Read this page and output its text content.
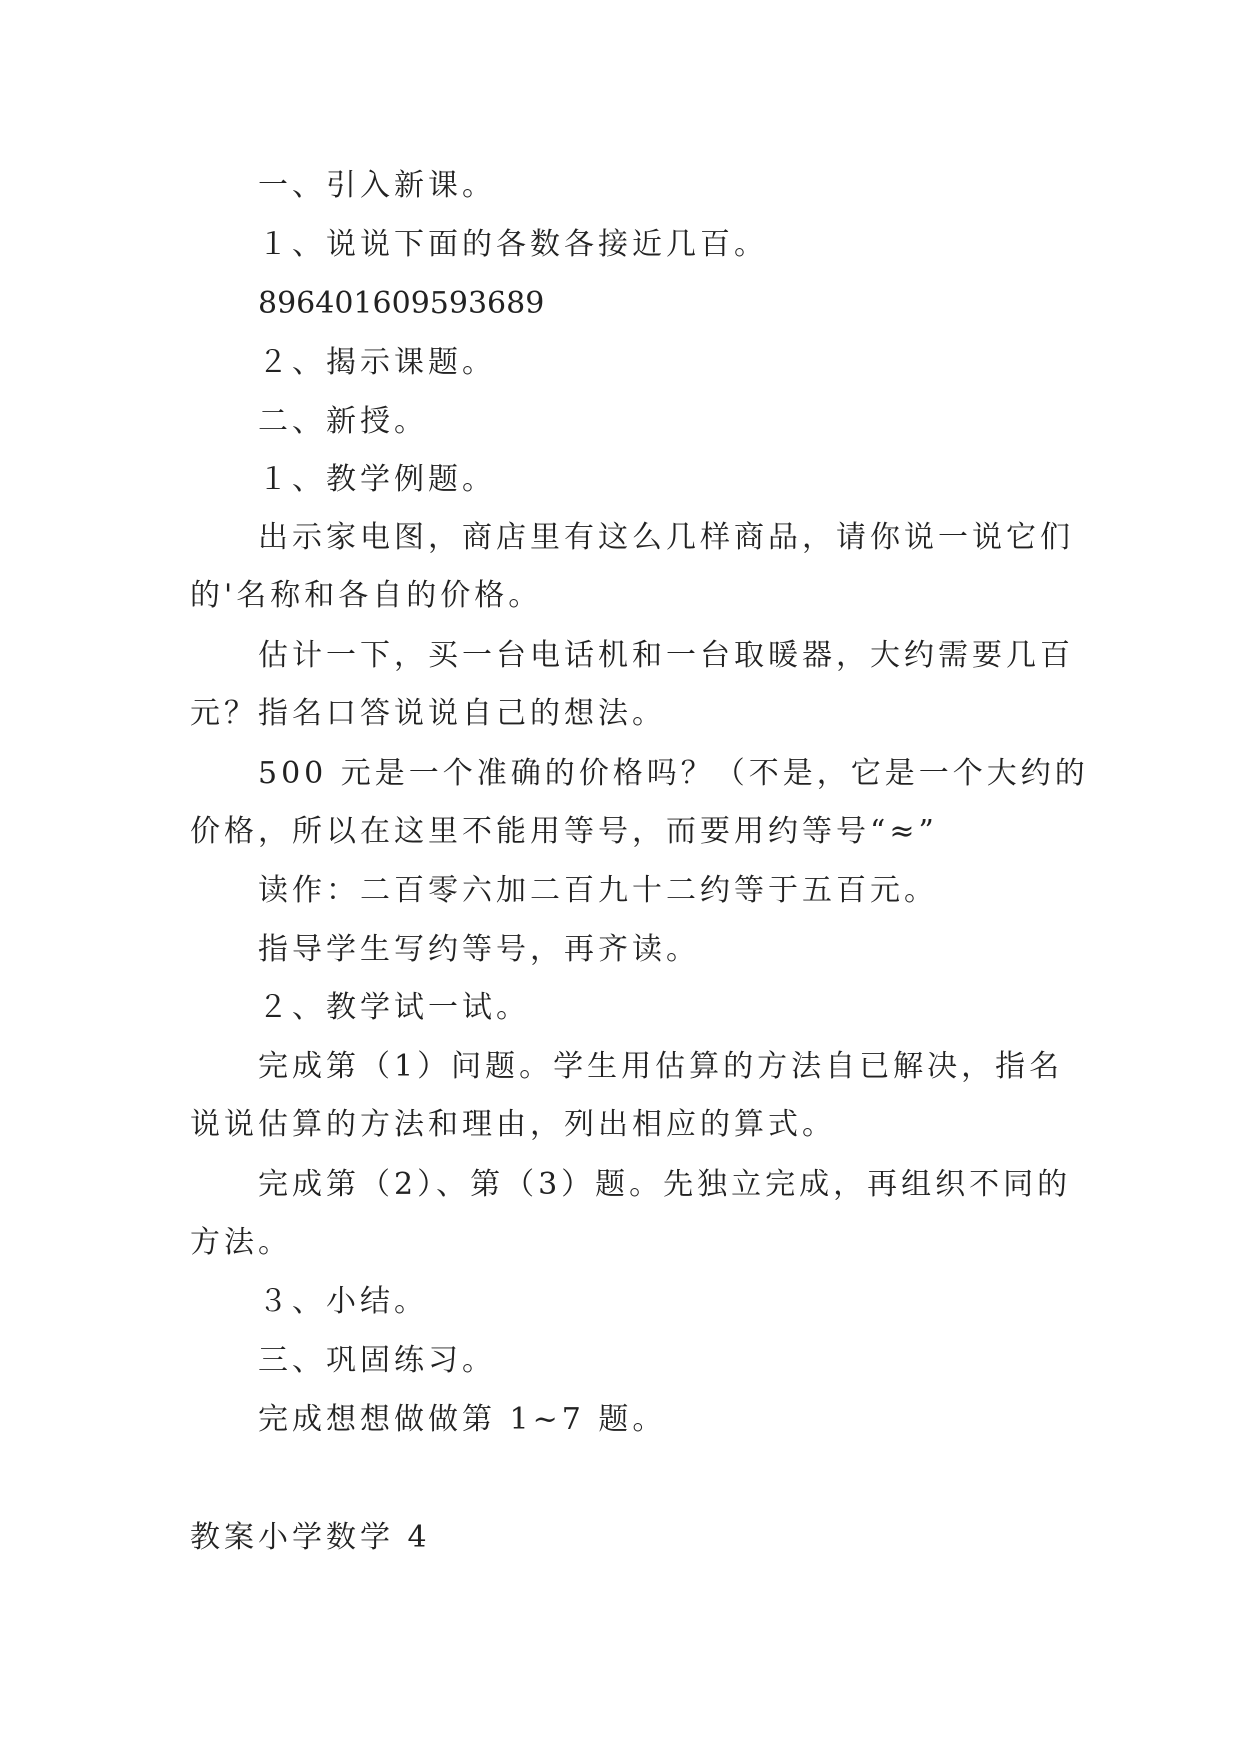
一、引入新课。
１、说说下面的各数各接近几百。
896401609593689
２、揭示课题。
二、新授。
１、教学例题。
出示家电图，商店里有这么几样商品，请你说一说它们
的'名称和各自的价格。
估计一下，买一台电话机和一台取暖器，大约需要几百
元？指名口答说说自己的想法。
500 元是一个准确的价格吗？（不是，它是一个大约的
价格，所以在这里不能用等号，而要用约等号“≈”
读作：二百零六加二百九十二约等于五百元。
指导学生写约等号，再齐读。
２、教学试一试。
完成第（1）问题。学生用估算的方法自已解决，指名
说说估算的方法和理由，列出相应的算式。
完成第（2）、第（3）题。先独立完成，再组织不同的
方法。
３、小结。
三、巩固练习。
完成想想做做第 1~7 题。
教案小学数学 4
